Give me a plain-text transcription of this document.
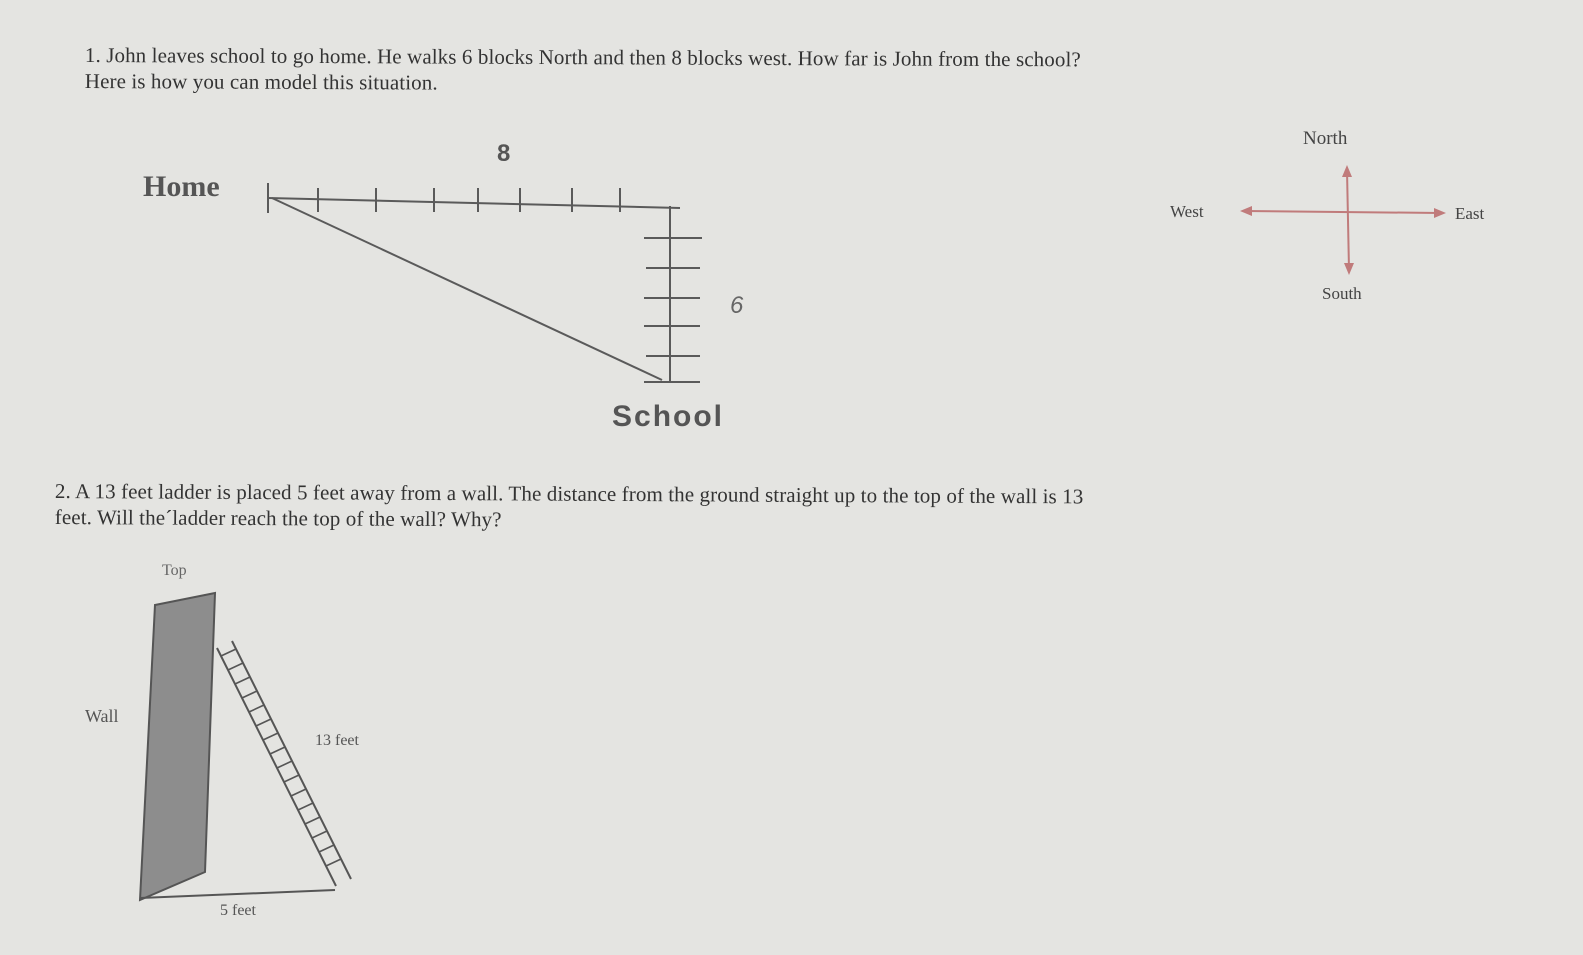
1. John leaves school to go home. He walks 6 blocks North and then 8 blocks west. How far is John from the school?
Here is how you can model this situation.
Home
8
6
School
North
West	East
South
2. A 13 feet ladder is placed 5 feet away from a wall. The distance from the ground straight up to the top of the wall is 13
feet. Will the´ladder reach the top of the wall? Why?
Top
Wall
13 feet
5 feet
